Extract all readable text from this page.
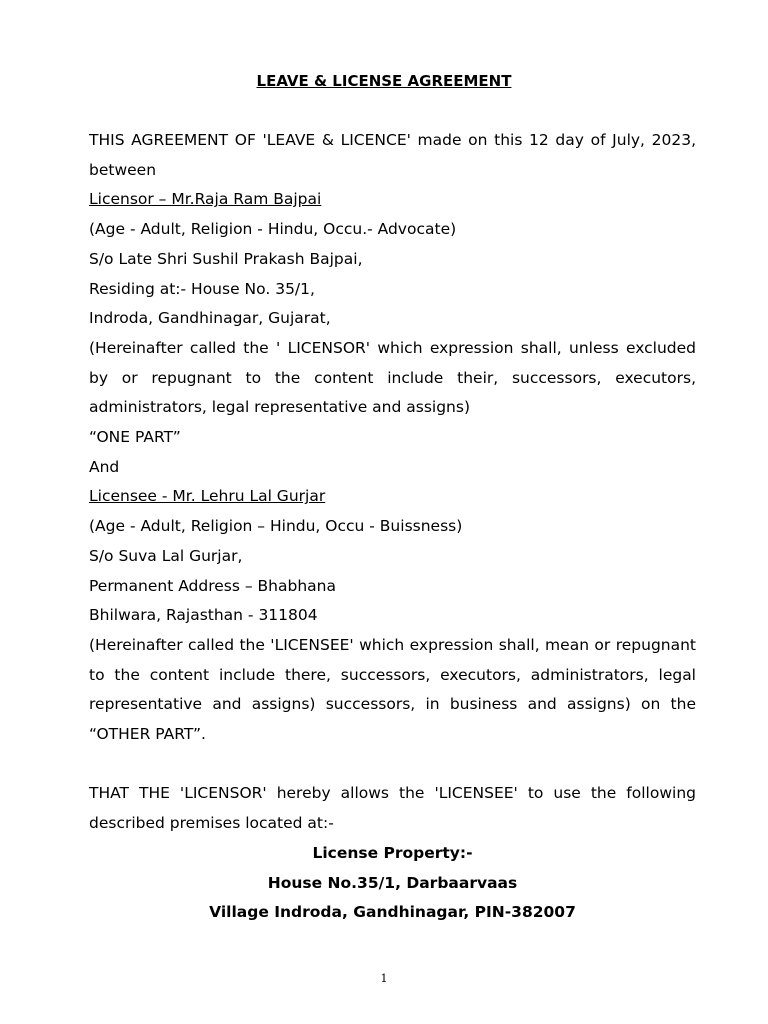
LEAVE & LICENSE AGREEMENT
THIS AGREEMENT OF 'LEAVE & LICENCE' made on this 12 day of July, 2023, between
Licensor – Mr.Raja Ram Bajpai
(Age - Adult, Religion - Hindu, Occu.- Advocate)
S/o Late Shri Sushil Prakash Bajpai,
Residing at:- House No. 35/1,
Indroda, Gandhinagar, Gujarat,
(Hereinafter called the ' LICENSOR' which expression shall, unless excluded by or repugnant to the content include their, successors, executors, administrators, legal representative and assigns)
“ONE PART”
And
Licensee - Mr. Lehru Lal Gurjar
(Age - Adult, Religion – Hindu, Occu - Buissness)
S/o Suva Lal Gurjar,
Permanent Address – Bhabhana
Bhilwara, Rajasthan - 311804
(Hereinafter called the 'LICENSEE' which expression shall, mean or repugnant to the content include there, successors, executors, administrators, legal representative and assigns) successors, in business and assigns) on the “OTHER PART”.
THAT THE 'LICENSOR' hereby allows the 'LICENSEE' to use the following described premises located at:-
License Property:-
House No.35/1, Darbaarvaas
Village Indroda, Gandhinagar, PIN-382007
1
